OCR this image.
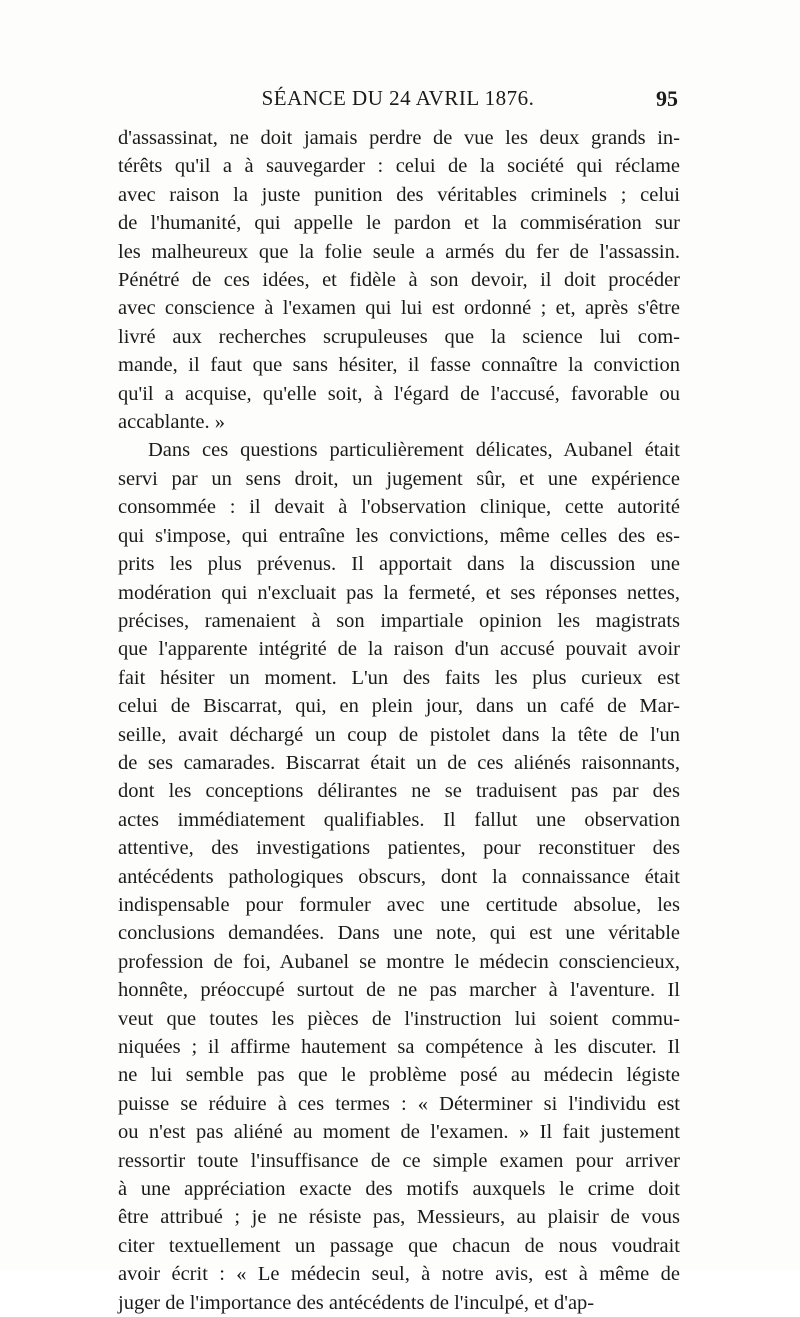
SÉANCE DU 24 AVRIL 1876.	95
d'assassinat, ne doit jamais perdre de vue les deux grands in-
térêts qu'il a à sauvegarder : celui de la société qui réclame
avec raison la juste punition des véritables criminels ; celui
de l'humanité, qui appelle le pardon et la commisération sur
les malheureux que la folie seule a armés du fer de l'assassin.
Pénétré de ces idées, et fidèle à son devoir, il doit procéder
avec conscience à l'examen qui lui est ordonné ; et, après s'être
livré aux recherches scrupuleuses que la science lui com-
mande, il faut que sans hésiter, il fasse connaître la conviction
qu'il a acquise, qu'elle soit, à l'égard de l'accusé, favorable ou
accablante. »
Dans ces questions particulièrement délicates, Aubanel était
servi par un sens droit, un jugement sûr, et une expérience
consommée : il devait à l'observation clinique, cette autorité
qui s'impose, qui entraîne les convictions, même celles des es-
prits les plus prévenus. Il apportait dans la discussion une
modération qui n'excluait pas la fermeté, et ses réponses nettes,
précises, ramenaient à son impartiale opinion les magistrats
que l'apparente intégrité de la raison d'un accusé pouvait avoir
fait hésiter un moment. L'un des faits les plus curieux est
celui de Biscarrat, qui, en plein jour, dans un café de Mar-
seille, avait déchargé un coup de pistolet dans la tête de l'un
de ses camarades. Biscarrat était un de ces aliénés raisonnants,
dont les conceptions délirantes ne se traduisent pas par des
actes immédiatement qualifiables. Il fallut une observation
attentive, des investigations patientes, pour reconstituer des
antécédents pathologiques obscurs, dont la connaissance était
indispensable pour formuler avec une certitude absolue, les
conclusions demandées. Dans une note, qui est une véritable
profession de foi, Aubanel se montre le médecin consciencieux,
honnête, préoccupé surtout de ne pas marcher à l'aventure. Il
veut que toutes les pièces de l'instruction lui soient commu-
niquées ; il affirme hautement sa compétence à les discuter. Il
ne lui semble pas que le problème posé au médecin légiste
puisse se réduire à ces termes : « Déterminer si l'individu est
ou n'est pas aliéné au moment de l'examen. » Il fait justement
ressortir toute l'insuffisance de ce simple examen pour arriver
à une appréciation exacte des motifs auxquels le crime doit
être attribué ; je ne résiste pas, Messieurs, au plaisir de vous
citer textuellement un passage que chacun de nous voudrait
avoir écrit : « Le médecin seul, à notre avis, est à même de
juger de l'importance des antécédents de l'inculpé, et d'ap-
